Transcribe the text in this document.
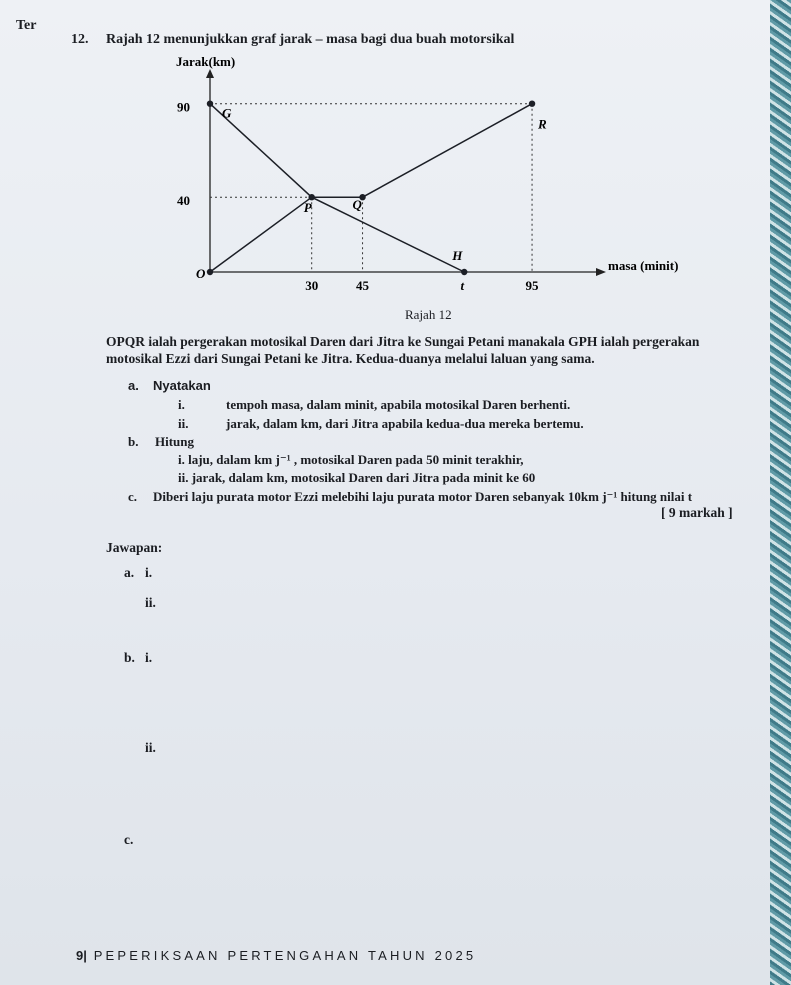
Ter
12. Rajah 12 menunjukkan graf jarak – masa bagi dua buah motorsikal
Jarak(km)
masa (minit)
90
40
30	45	t	95
O
G
R
P	Q
H
Rajah 12
OPQR ialah pergerakan motosikal Daren dari Jitra ke Sungai Petani manakala GPH ialah pergerakan
motosikal Ezzi dari Sungai Petani ke Jitra. Kedua-duanya melalui laluan yang sama.
a. Nyatakan
i.	tempoh masa, dalam minit, apabila motosikal Daren berhenti.
ii.	jarak, dalam km, dari Jitra apabila kedua-dua mereka bertemu.
b. Hitung
i. laju, dalam km j⁻¹ , motosikal Daren pada 50 minit terakhir,
ii. jarak, dalam km, motosikal Daren dari Jitra pada minit ke 60
c. Diberi laju purata motor Ezzi melebihi laju purata motor Daren sebanyak 10km j⁻¹ hitung nilai t
[ 9 markah ]
Jawapan:
a. i.
ii.
b. i.
ii.
c.
9| PEPERIKSAAN PERTENGAHAN TAHUN 2025
